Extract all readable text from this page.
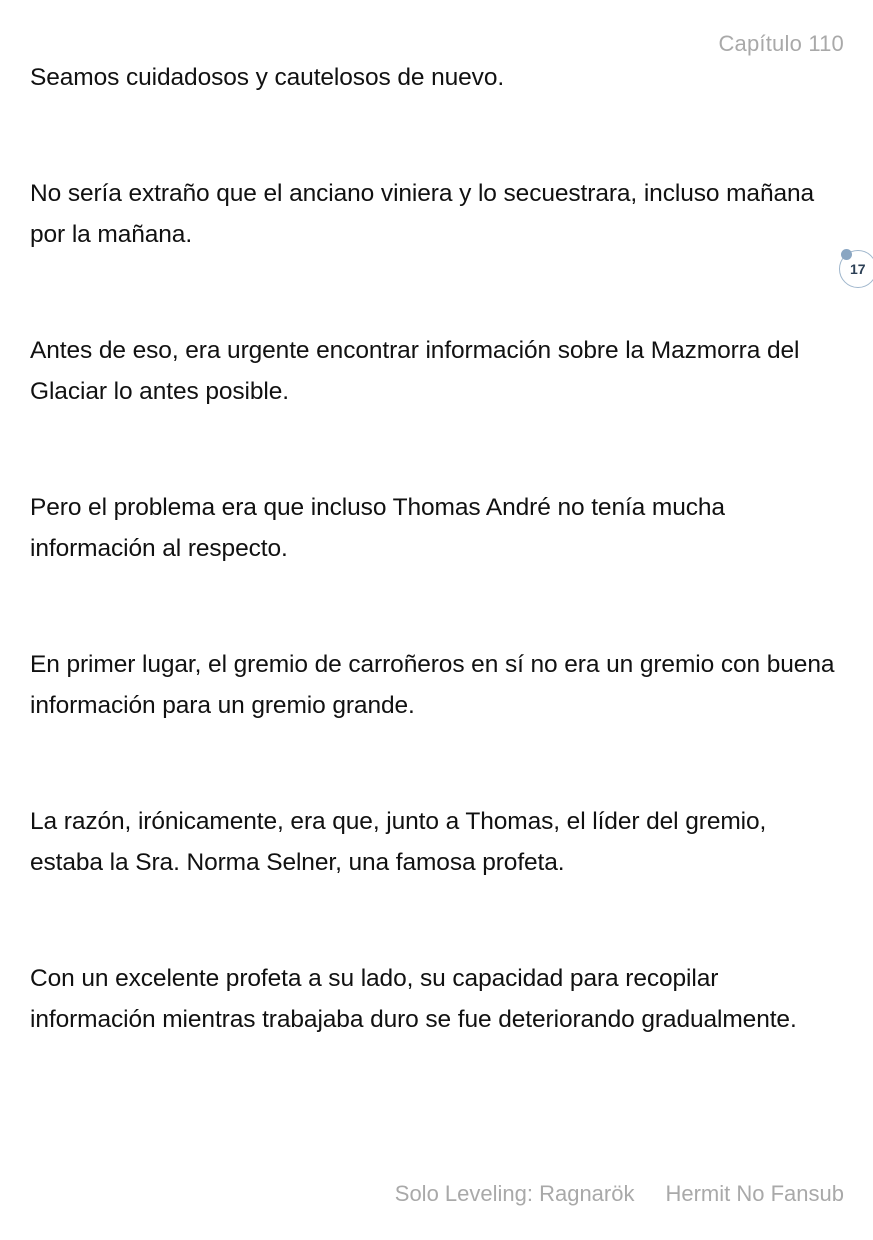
Capítulo 110

Seamos cuidadosos y cautelosos de nuevo.

No sería extraño que el anciano viniera y lo secuestrara, incluso mañana por la mañana.

Antes de eso, era urgente encontrar información sobre la Mazmorra del Glaciar lo antes posible.

Pero el problema era que incluso Thomas André no tenía mucha información al respecto.

En primer lugar, el gremio de carroñeros en sí no era un gremio con buena información para un gremio grande.

La razón, irónicamente, era que, junto a Thomas, el líder del gremio, estaba la Sra. Norma Selner, una famosa profeta.

Con un excelente profeta a su lado, su capacidad para recopilar información mientras trabajaba duro se fue deteriorando gradualmente.

17
Solo Leveling: Ragnarök Hermit No Fansub
